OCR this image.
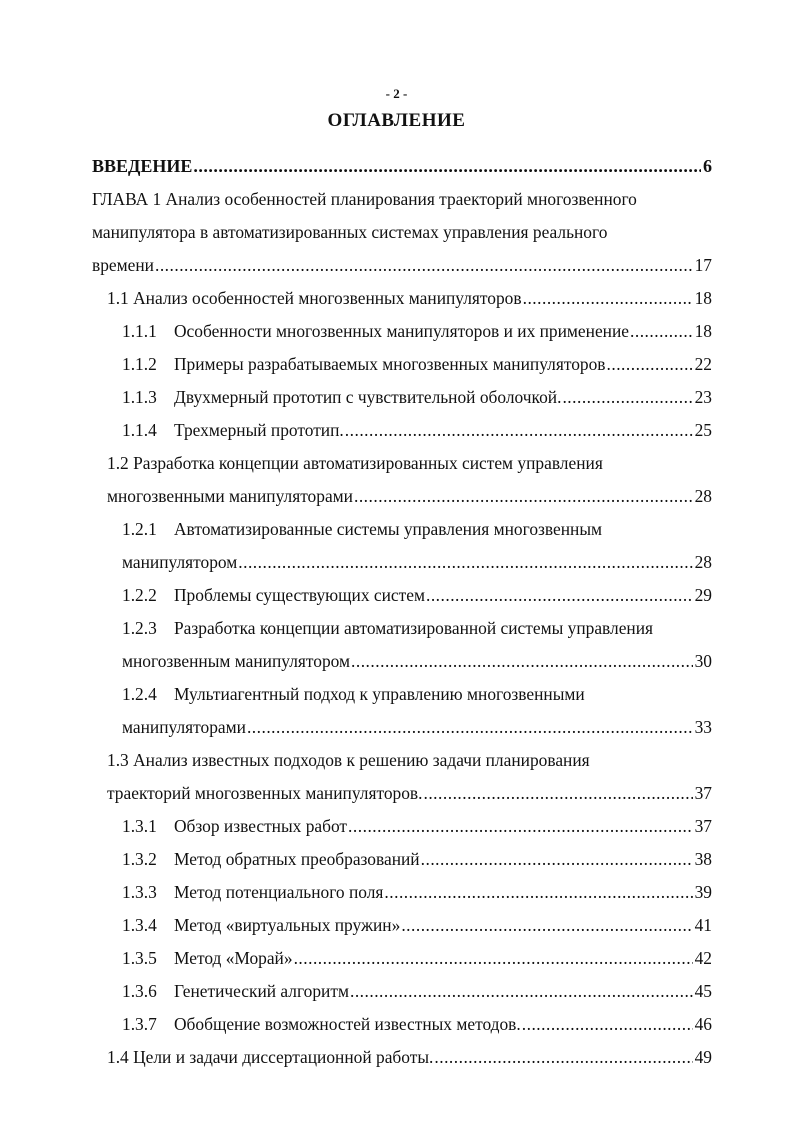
- 2 -
ОГЛАВЛЕНИЕ
ВВЕДЕНИЕ .....	6
ГЛАВА 1 Анализ особенностей планирования траекторий многозвенного
манипулятора в автоматизированных системах управления реального
времени .....	17
1.1 Анализ особенностей многозвенных манипуляторов .....	18
1.1.1 Особенности многозвенных манипуляторов и их применение .....	18
1.1.2 Примеры разрабатываемых многозвенных манипуляторов .....	22
1.1.3 Двухмерный прототип с чувствительной оболочкой. .....	23
1.1.4 Трехмерный прототип. .....	25
1.2 Разработка концепции автоматизированных систем управления
многозвенными манипуляторами .....	28
1.2.1 Автоматизированные системы управления многозвенным
манипулятором .....	28
1.2.2 Проблемы существующих систем .....	29
1.2.3 Разработка концепции автоматизированной системы управления
многозвенным манипулятором .....	30
1.2.4 Мультиагентный подход к управлению многозвенными
манипуляторами .....	33
1.3 Анализ известных подходов к решению задачи планирования
траекторий многозвенных манипуляторов. .....	37
1.3.1 Обзор известных работ .....	37
1.3.2 Метод обратных преобразований .....	38
1.3.3 Метод потенциального поля .....	39
1.3.4 Метод «виртуальных пружин» .....	41
1.3.5 Метод «Морай» .....	42
1.3.6 Генетический алгоритм .....	45
1.3.7 Обобщение возможностей известных методов. .....	46
1.4 Цели и задачи диссертационной работы. .....	49
